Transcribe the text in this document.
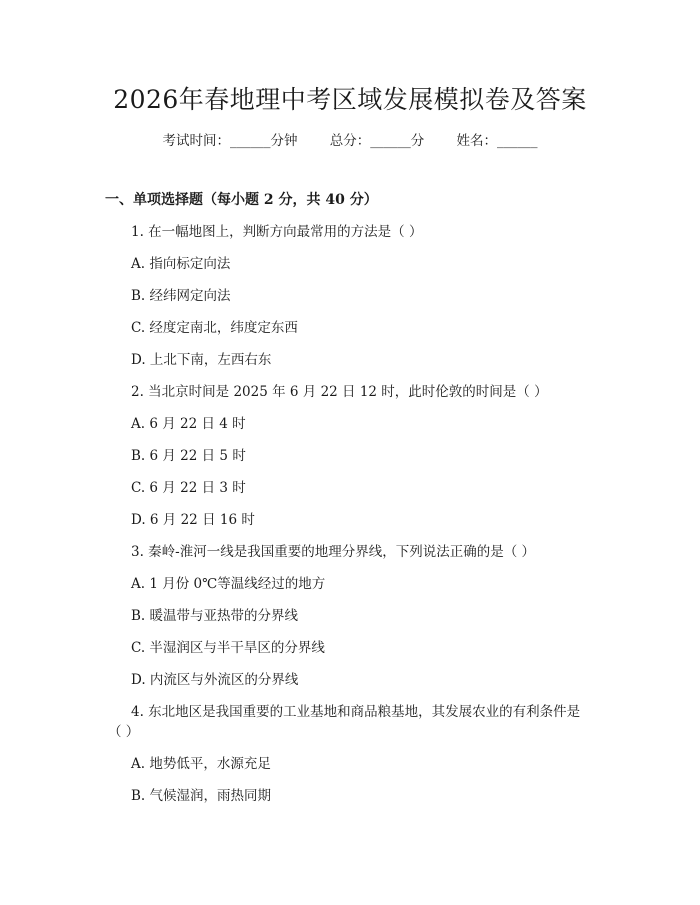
2026年春地理中考区域发展模拟卷及答案
考试时间：______分钟 总分：______分 姓名：______
一、单项选择题（每小题 2 分，共 40 分）
1. 在一幅地图上，判断方向最常用的方法是（ ）
A. 指向标定向法
B. 经纬网定向法
C. 经度定南北，纬度定东西
D. 上北下南，左西右东
2. 当北京时间是 2025 年 6 月 22 日 12 时，此时伦敦的时间是（ ）
A. 6 月 22 日 4 时
B. 6 月 22 日 5 时
C. 6 月 22 日 3 时
D. 6 月 22 日 16 时
3. 秦岭-淮河一线是我国重要的地理分界线，下列说法正确的是（ ）
A. 1 月份 0℃等温线经过的地方
B. 暖温带与亚热带的分界线
C. 半湿润区与半干旱区的分界线
D. 内流区与外流区的分界线
4. 东北地区是我国重要的工业基地和商品粮基地，其发展农业的有利条件是
（ ）
A. 地势低平，水源充足
B. 气候湿润，雨热同期
